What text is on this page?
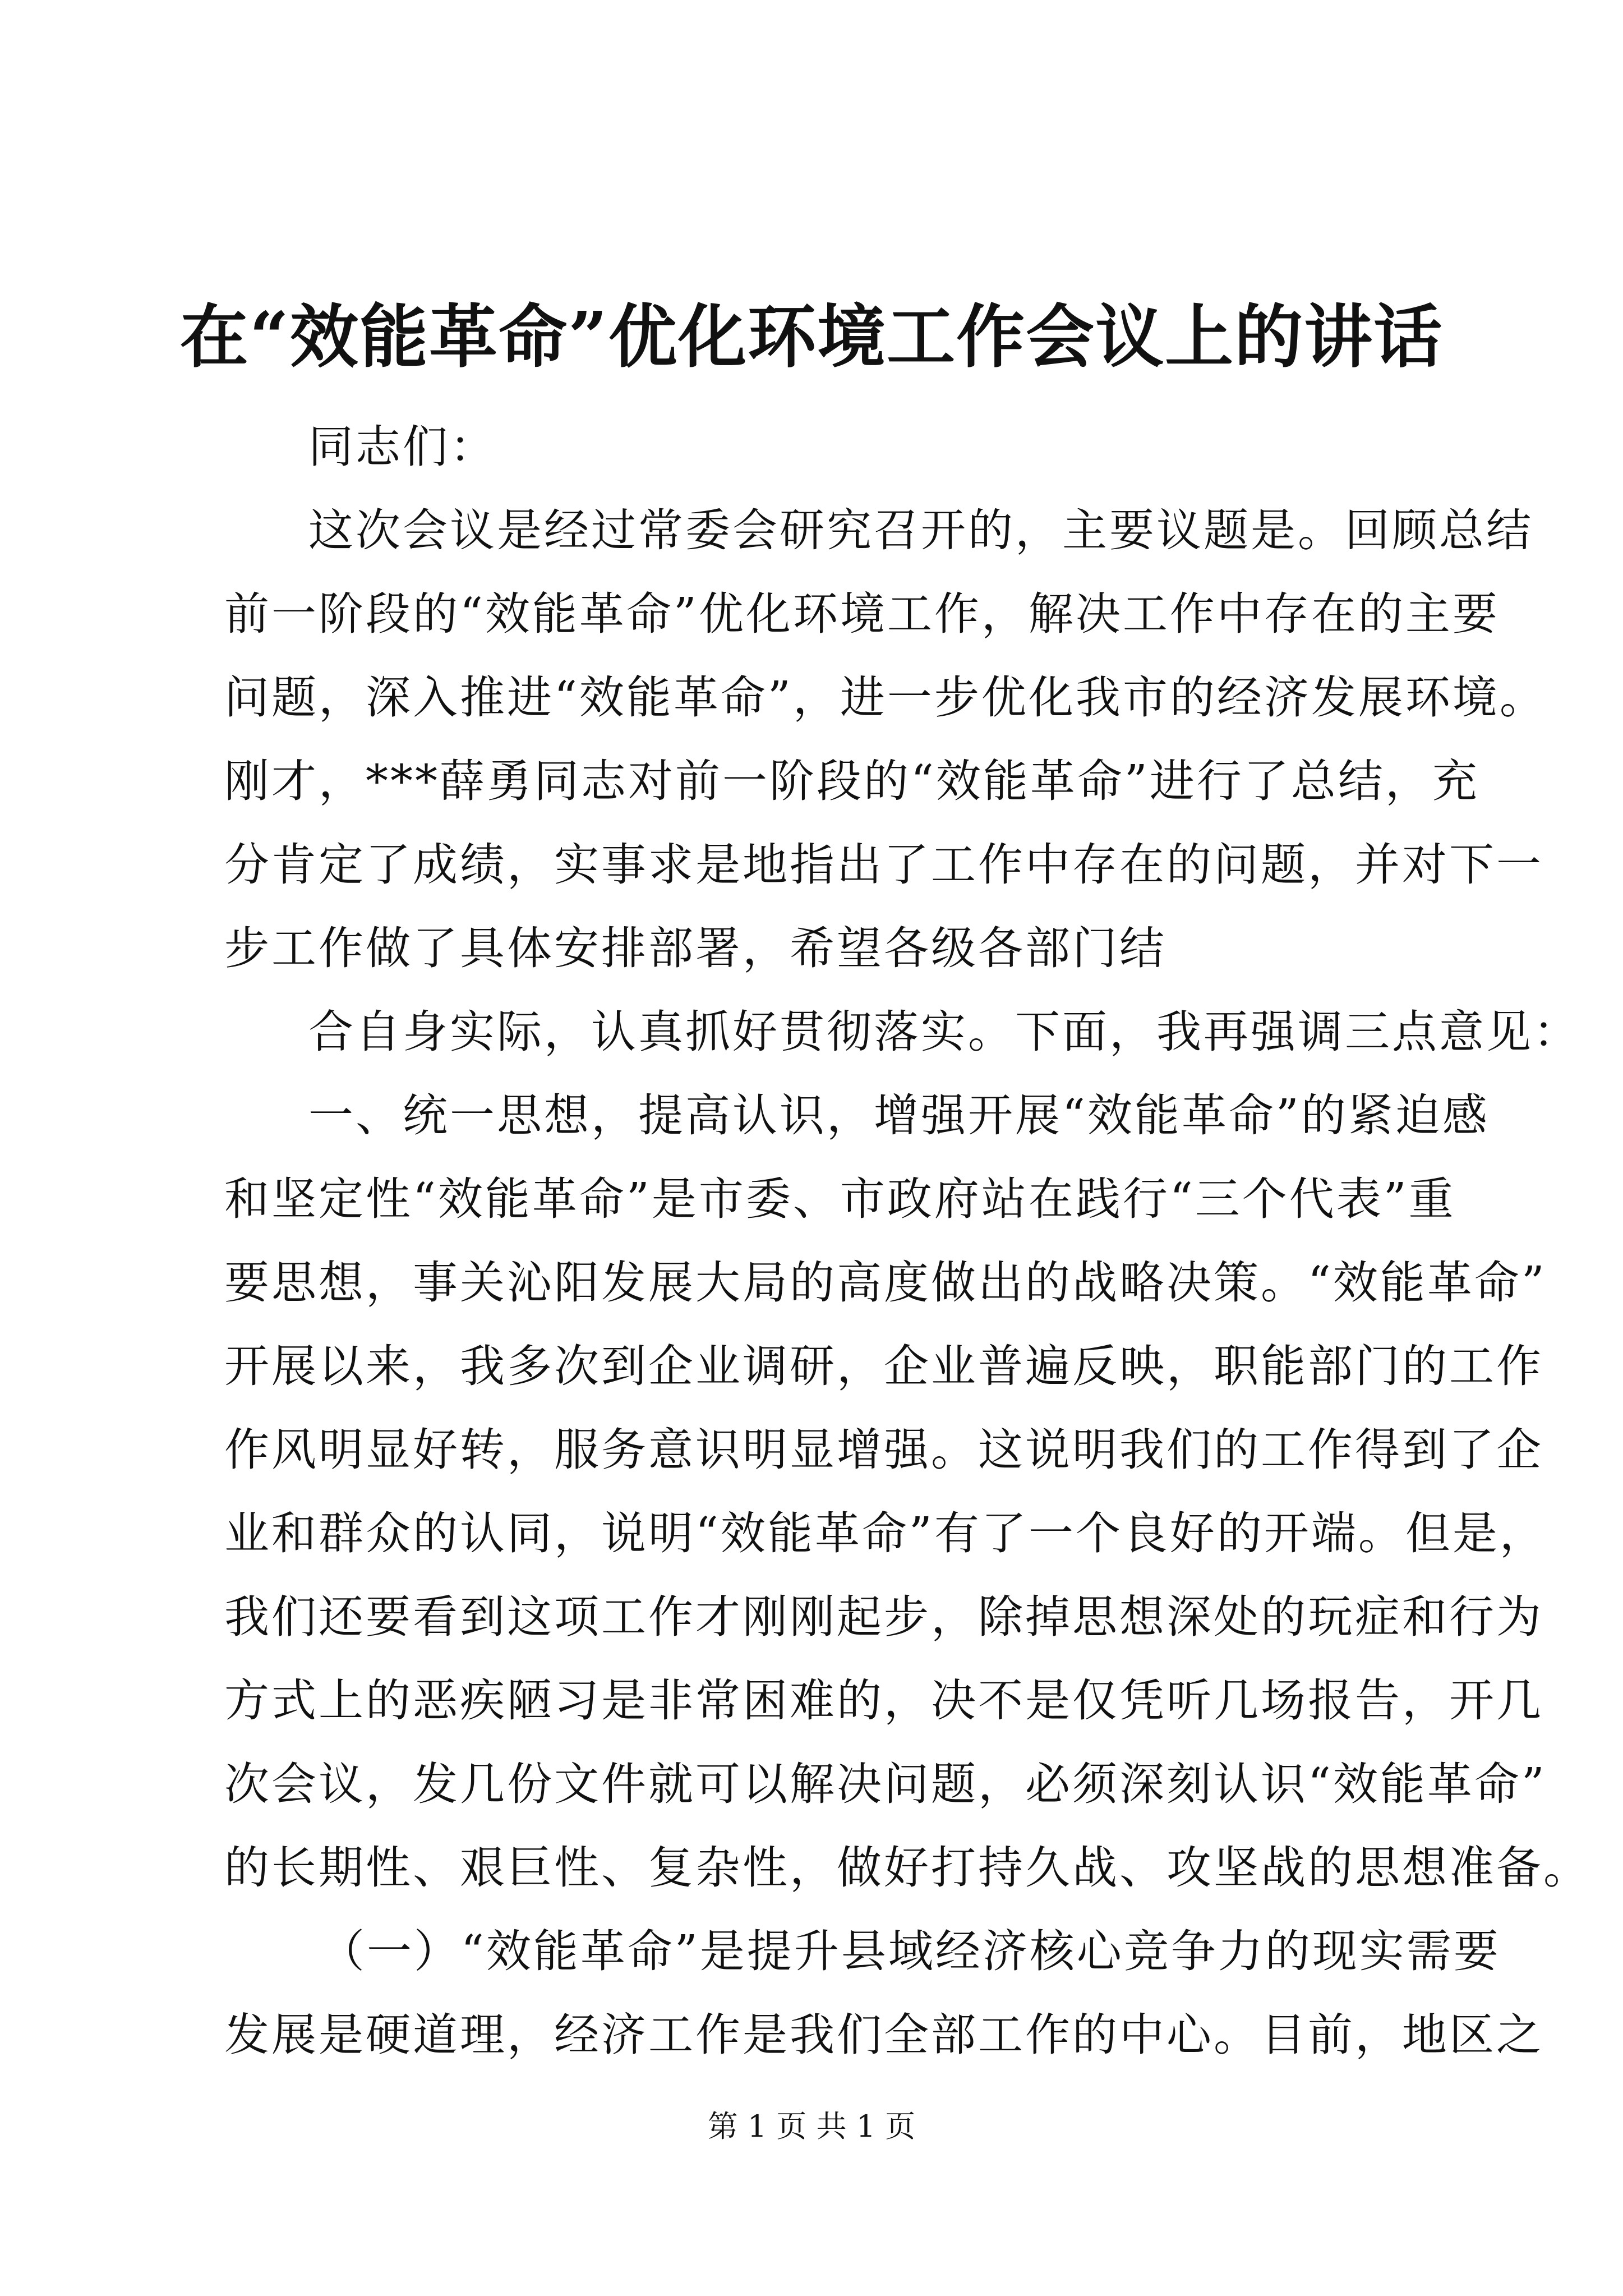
在“效能革命”优化环境工作会议上的讲话
同志们：
这 次 会 议 是 经 过 常 委 会 研 究 召 开 的 ， 主 要 议 题 是 。 回 顾 总 结
前 一 阶 段 的 “ 效 能 革 命 ” 优 化 环 境 工 作 ， 解 决 工 作 中 存 在 的 主 要
问 题 ， 深 入 推 进 “ 效 能 革 命 ” ， 进 一 步 优 化 我 市 的 经 济 发 展 环 境 。
刚 才 ， * * * 薛 勇 同 志 对 前 一 阶 段 的 “ 效 能 革 命 ” 进 行 了 总 结 ， 充
分 肯 定 了 成 绩 ， 实 事 求 是 地 指 出 了 工 作 中 存 在 的 问 题 ， 并 对 下 一
步工作做了具体安排部署，希望各级各部门结
合 自 身 实 际 ， 认 真 抓 好 贯 彻 落 实 。 下 面 ， 我 再 强 调 三 点 意 见 ：
一 、 统 一 思 想 ， 提 高 认 识 ， 增 强 开 展 “ 效 能 革 命 ” 的 紧 迫 感
和 坚 定 性 “ 效 能 革 命 ” 是 市 委 、 市 政 府 站 在 践 行 “ 三 个 代 表 ” 重
要 思 想 ， 事 关 沁 阳 发 展 大 局 的 高 度 做 出 的 战 略 决 策 。 “ 效 能 革 命 ”
开 展 以 来 ， 我 多 次 到 企 业 调 研 ， 企 业 普 遍 反 映 ， 职 能 部 门 的 工 作
作 风 明 显 好 转 ， 服 务 意 识 明 显 增 强 。 这 说 明 我 们 的 工 作 得 到 了 企
业 和 群 众 的 认 同 ， 说 明 “ 效 能 革 命 ” 有 了 一 个 良 好 的 开 端 。 但 是 ，
我 们 还 要 看 到 这 项 工 作 才 刚 刚 起 步 ， 除 掉 思 想 深 处 的 玩 症 和 行 为
方 式 上 的 恶 疾 陋 习 是 非 常 困 难 的 ， 决 不 是 仅 凭 听 几 场 报 告 ， 开 几
次 会 议 ， 发 几 份 文 件 就 可 以 解 决 问 题 ， 必 须 深 刻 认 识 “ 效 能 革 命 ”
的 长 期 性 、 艰 巨 性 、 复 杂 性 ， 做 好 打 持 久 战 、 攻 坚 战 的 思 想 准 备 。
（ 一 ） “ 效 能 革 命 ” 是 提 升 县 域 经 济 核 心 竞 争 力 的 现 实 需 要
发 展 是 硬 道 理 ， 经 济 工 作 是 我 们 全 部 工 作 的 中 心 。 目 前 ， 地 区 之
第 1 页 共 1 页
